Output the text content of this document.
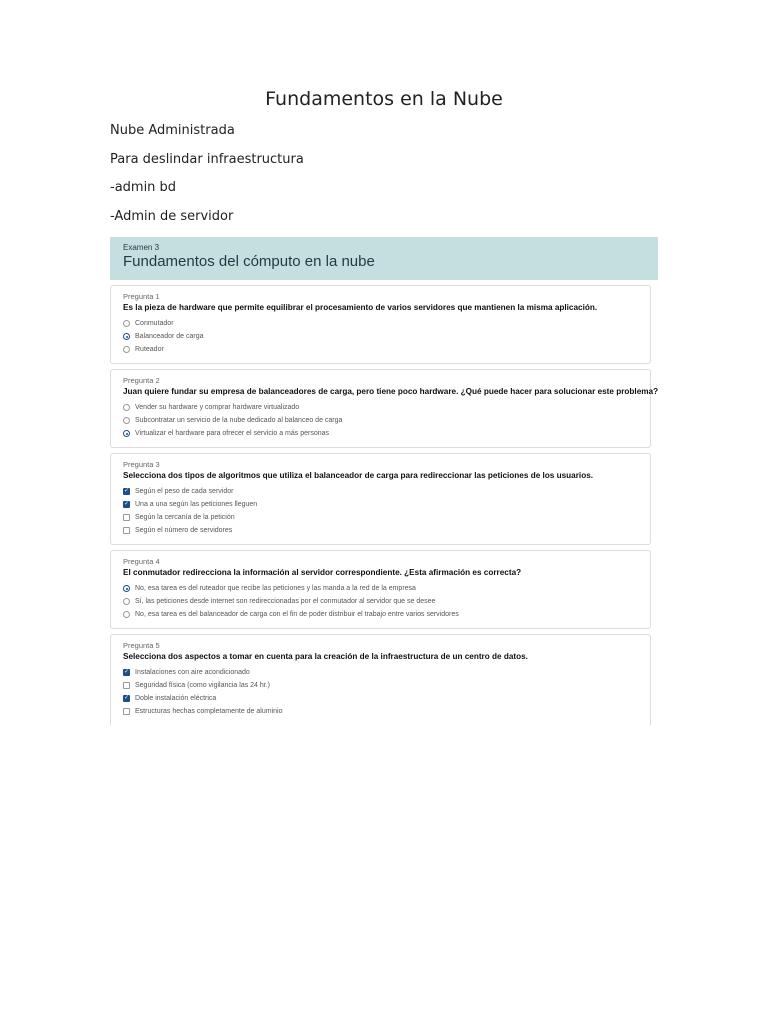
Fundamentos en la Nube
Nube Administrada
Para deslindar infraestructura
-admin bd
-Admin de servidor
Examen 3
Fundamentos del cómputo en la nube
Pregunta 1
Es la pieza de hardware que permite equilibrar el procesamiento de varios servidores que mantienen la misma aplicación.
Conmutador
Balanceador de carga
Ruteador
Pregunta 2
Juan quiere fundar su empresa de balanceadores de carga, pero tiene poco hardware. ¿Qué puede hacer para solucionar este problema?
Vender su hardware y comprar hardware virtualizado
Subcontratar un servicio de la nube dedicado al balanceo de carga
Virtualizar el hardware para ofrecer el servicio a más personas
Pregunta 3
Selecciona dos tipos de algoritmos que utiliza el balanceador de carga para redireccionar las peticiones de los usuarios.
✓ Según el peso de cada servidor
✓ Una a una según las peticiones lleguen
Según la cercanía de la petición
Según el número de servidores
Pregunta 4
El conmutador redirecciona la información al servidor correspondiente. ¿Esta afirmación es correcta?
No, esa tarea es del ruteador que recibe las peticiones y las manda a la red de la empresa
Sí, las peticiones desde internet son redireccionadas por el conmutador al servidor que se desee
No, esa tarea es del balanceador de carga con el fin de poder distribuir el trabajo entre varios servidores
Pregunta 5
Selecciona dos aspectos a tomar en cuenta para la creación de la infraestructura de un centro de datos.
✓ Instalaciones con aire acondicionado
Seguridad física (como vigilancia las 24 hr.)
✓ Doble instalación eléctrica
Estructuras hechas completamente de aluminio
